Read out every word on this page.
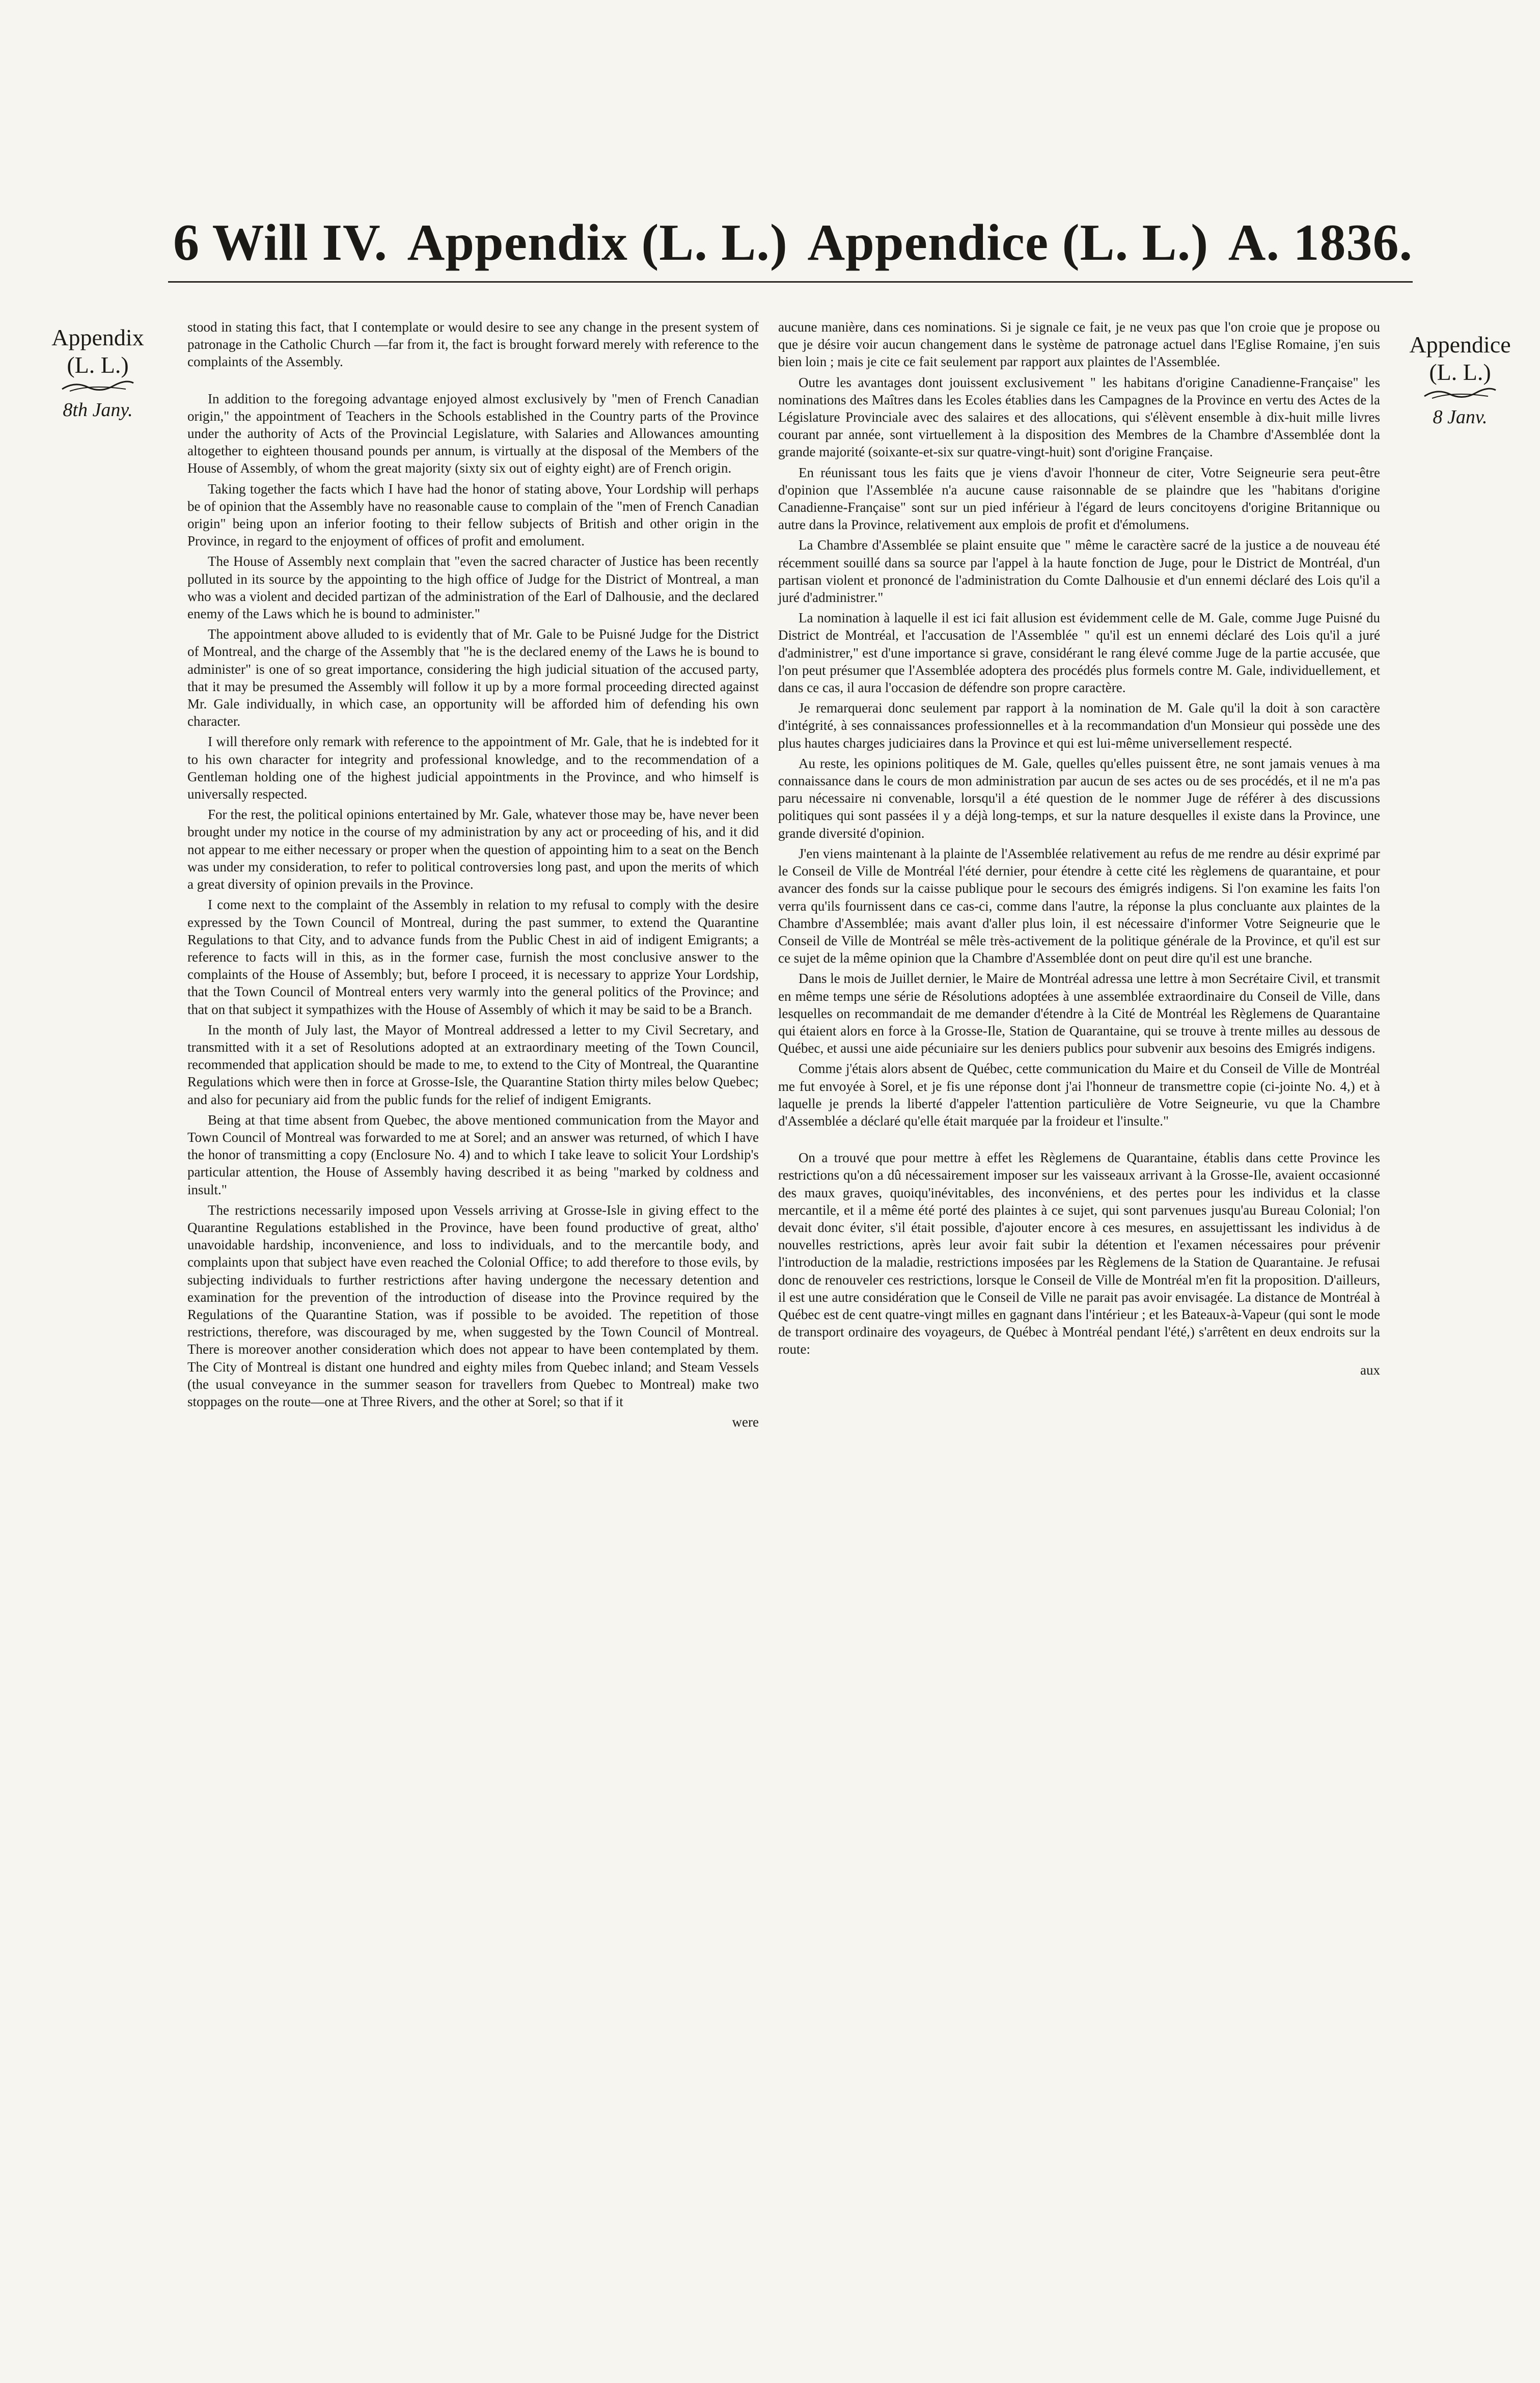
6 Will IV. Appendix (L. L.) Appendice (L. L.) A. 1836.
Appendix
(L. L.)
8th Jany.
Appendice
(L. L.)
8 Janv.

stood in stating this fact, that I contemplate or would desire to see any change in the present system of patronage in the Catholic Church —far from it, the fact is brought forward merely with reference to the complaints of the Assembly.

In addition to the foregoing advantage enjoyed almost exclusively by "men of French Canadian origin," the appointment of Teachers in the Schools established in the Country parts of the Province under the authority of Acts of the Provincial Legislature, with Salaries and Allowances amounting altogether to eighteen thousand pounds per annum, is virtually at the disposal of the Members of the House of Assembly, of whom the great majority (sixty six out of eighty eight) are of French origin.

Taking together the facts which I have had the honor of stating above, Your Lordship will perhaps be of opinion that the Assembly have no reasonable cause to complain of the "men of French Canadian origin" being upon an inferior footing to their fellow subjects of British and other origin in the Province, in regard to the enjoyment of offices of profit and emolument.

The House of Assembly next complain that "even the sacred character of Justice has been recently polluted in its source by the appointing to the high office of Judge for the District of Montreal, a man who was a violent and decided partizan of the administration of the Earl of Dalhousie, and the declared enemy of the Laws which he is bound to administer."

The appointment above alluded to is evidently that of Mr. Gale to be Puisné Judge for the District of Montreal, and the charge of the Assembly that "he is the declared enemy of the Laws he is bound to administer" is one of so great importance, considering the high judicial situation of the accused party, that it may be presumed the Assembly will follow it up by a more formal proceeding directed against Mr. Gale individually, in which case, an opportunity will be afforded him of defending his own character.

I will therefore only remark with reference to the appointment of Mr. Gale, that he is indebted for it to his own character for integrity and professional knowledge, and to the recommendation of a Gentleman holding one of the highest judicial appointments in the Province, and who himself is universally respected.

For the rest, the political opinions entertained by Mr. Gale, whatever those may be, have never been brought under my notice in the course of my administration by any act or proceeding of his, and it did not appear to me either necessary or proper when the question of appointing him to a seat on the Bench was under my consideration, to refer to political controversies long past, and upon the merits of which a great diversity of opinion prevails in the Province.

I come next to the complaint of the Assembly in relation to my refusal to comply with the desire expressed by the Town Council of Montreal, during the past summer, to extend the Quarantine Regulations to that City, and to advance funds from the Public Chest in aid of indigent Emigrants; a reference to facts will in this, as in the former case, furnish the most conclusive answer to the complaints of the House of Assembly; but, before I proceed, it is necessary to apprize Your Lordship, that the Town Council of Montreal enters very warmly into the general politics of the Province; and that on that subject it sympathizes with the House of Assembly of which it may be said to be a Branch.

In the month of July last, the Mayor of Montreal addressed a letter to my Civil Secretary, and transmitted with it a set of Resolutions adopted at an extraordinary meeting of the Town Council, recommended that application should be made to me, to extend to the City of Montreal, the Quarantine Regulations which were then in force at Grosse-Isle, the Quarantine Station thirty miles below Quebec; and also for pecuniary aid from the public funds for the relief of indigent Emigrants.

Being at that time absent from Quebec, the above mentioned communication from the Mayor and Town Council of Montreal was forwarded to me at Sorel; and an answer was returned, of which I have the honor of transmitting a copy (Enclosure No. 4) and to which I take leave to solicit Your Lordship's particular attention, the House of Assembly having described it as being "marked by coldness and insult."

The restrictions necessarily imposed upon Vessels arriving at Grosse-Isle in giving effect to the Quarantine Regulations established in the Province, have been found productive of great, altho' unavoidable hardship, inconvenience, and loss to individuals, and to the mercantile body, and complaints upon that subject have even reached the Colonial Office; to add therefore to those evils, by subjecting individuals to further restrictions after having undergone the necessary detention and examination for the prevention of the introduction of disease into the Province required by the Regulations of the Quarantine Station, was if possible to be avoided. The repetition of those restrictions, therefore, was discouraged by me, when suggested by the Town Council of Montreal. There is moreover another consideration which does not appear to have been contemplated by them. The City of Montreal is distant one hundred and eighty miles from Quebec inland; and Steam Vessels (the usual conveyance in the summer season for travellers from Quebec to Montreal) make two stoppages on the route—one at Three Rivers, and the other at Sorel; so that if it

were

aucune manière, dans ces nominations. Si je signale ce fait, je ne veux pas que l'on croie que je propose ou que je désire voir aucun changement dans le système de patronage actuel dans l'Eglise Romaine, j'en suis bien loin ; mais je cite ce fait seulement par rapport aux plaintes de l'Assemblée.

Outre les avantages dont jouissent exclusivement " les habitans d'origine Canadienne-Française" les nominations des Maîtres dans les Ecoles établies dans les Campagnes de la Province en vertu des Actes de la Législature Provinciale avec des salaires et des allocations, qui s'élèvent ensemble à dix-huit mille livres courant par année, sont virtuellement à la disposition des Membres de la Chambre d'Assemblée dont la grande majorité (soixante-et-six sur quatre-vingt-huit) sont d'origine Française.

En réunissant tous les faits que je viens d'avoir l'honneur de citer, Votre Seigneurie sera peut-être d'opinion que l'Assemblée n'a aucune cause raisonnable de se plaindre que les "habitans d'origine Canadienne-Française" sont sur un pied inférieur à l'égard de leurs concitoyens d'origine Britannique ou autre dans la Province, relativement aux emplois de profit et d'émolumens.

La Chambre d'Assemblée se plaint ensuite que " même le caractère sacré de la justice a de nouveau été récemment souillé dans sa source par l'appel à la haute fonction de Juge, pour le District de Montréal, d'un partisan violent et prononcé de l'administration du Comte Dalhousie et d'un ennemi déclaré des Lois qu'il a juré d'administrer."

La nomination à laquelle il est ici fait allusion est évidemment celle de M. Gale, comme Juge Puisné du District de Montréal, et l'accusation de l'Assemblée " qu'il est un ennemi déclaré des Lois qu'il a juré d'administrer," est d'une importance si grave, considérant le rang élevé comme Juge de la partie accusée, que l'on peut présumer que l'Assemblée adoptera des procédés plus formels contre M. Gale, individuellement, et dans ce cas, il aura l'occasion de défendre son propre caractère.

Je remarquerai donc seulement par rapport à la nomination de M. Gale qu'il la doit à son caractère d'intégrité, à ses connaissances professionnelles et à la recommandation d'un Monsieur qui possède une des plus hautes charges judiciaires dans la Province et qui est lui-même universellement respecté.

Au reste, les opinions politiques de M. Gale, quelles qu'elles puissent être, ne sont jamais venues à ma connaissance dans le cours de mon administration par aucun de ses actes ou de ses procédés, et il ne m'a pas paru nécessaire ni convenable, lorsqu'il a été question de le nommer Juge de référer à des discussions politiques qui sont passées il y a déjà long-temps, et sur la nature desquelles il existe dans la Province, une grande diversité d'opinion.

J'en viens maintenant à la plainte de l'Assemblée relativement au refus de me rendre au désir exprimé par le Conseil de Ville de Montréal l'été dernier, pour étendre à cette cité les règlemens de quarantaine, et pour avancer des fonds sur la caisse publique pour le secours des émigrés indigens. Si l'on examine les faits l'on verra qu'ils fournissent dans ce cas-ci, comme dans l'autre, la réponse la plus concluante aux plaintes de la Chambre d'Assemblée; mais avant d'aller plus loin, il est nécessaire d'informer Votre Seigneurie que le Conseil de Ville de Montréal se mêle très-activement de la politique générale de la Province, et qu'il est sur ce sujet de la même opinion que la Chambre d'Assemblée dont on peut dire qu'il est une branche.

Dans le mois de Juillet dernier, le Maire de Montréal adressa une lettre à mon Secrétaire Civil, et transmit en même temps une série de Résolutions adoptées à une assemblée extraordinaire du Conseil de Ville, dans lesquelles on recommandait de me demander d'étendre à la Cité de Montréal les Règlemens de Quarantaine qui étaient alors en force à la Grosse-Ile, Station de Quarantaine, qui se trouve à trente milles au dessous de Québec, et aussi une aide pécuniaire sur les deniers publics pour subvenir aux besoins des Emigrés indigens.

Comme j'étais alors absent de Québec, cette communication du Maire et du Conseil de Ville de Montréal me fut envoyée à Sorel, et je fis une réponse dont j'ai l'honneur de transmettre copie (ci-jointe No. 4,) et à laquelle je prends la liberté d'appeler l'attention particulière de Votre Seigneurie, vu que la Chambre d'Assemblée a déclaré qu'elle était marquée par la froideur et l'insulte."

On a trouvé que pour mettre à effet les Règlemens de Quarantaine, établis dans cette Province les restrictions qu'on a dû nécessairement imposer sur les vaisseaux arrivant à la Grosse-Ile, avaient occasionné des maux graves, quoiqu'inévitables, des inconvéniens, et des pertes pour les individus et la classe mercantile, et il a même été porté des plaintes à ce sujet, qui sont parvenues jusqu'au Bureau Colonial; l'on devait donc éviter, s'il était possible, d'ajouter encore à ces mesures, en assujettissant les individus à de nouvelles restrictions, après leur avoir fait subir la détention et l'examen nécessaires pour prévenir l'introduction de la maladie, restrictions imposées par les Règlemens de la Station de Quarantaine. Je refusai donc de renouveler ces restrictions, lorsque le Conseil de Ville de Montréal m'en fit la proposition. D'ailleurs, il est une autre considération que le Conseil de Ville ne parait pas avoir envisagée. La distance de Montréal à Québec est de cent quatre-vingt milles en gagnant dans l'intérieur ; et les Bateaux-à-Vapeur (qui sont le mode de transport ordinaire des voyageurs, de Québec à Montréal pendant l'été,) s'arrêtent en deux endroits sur la route:

aux
